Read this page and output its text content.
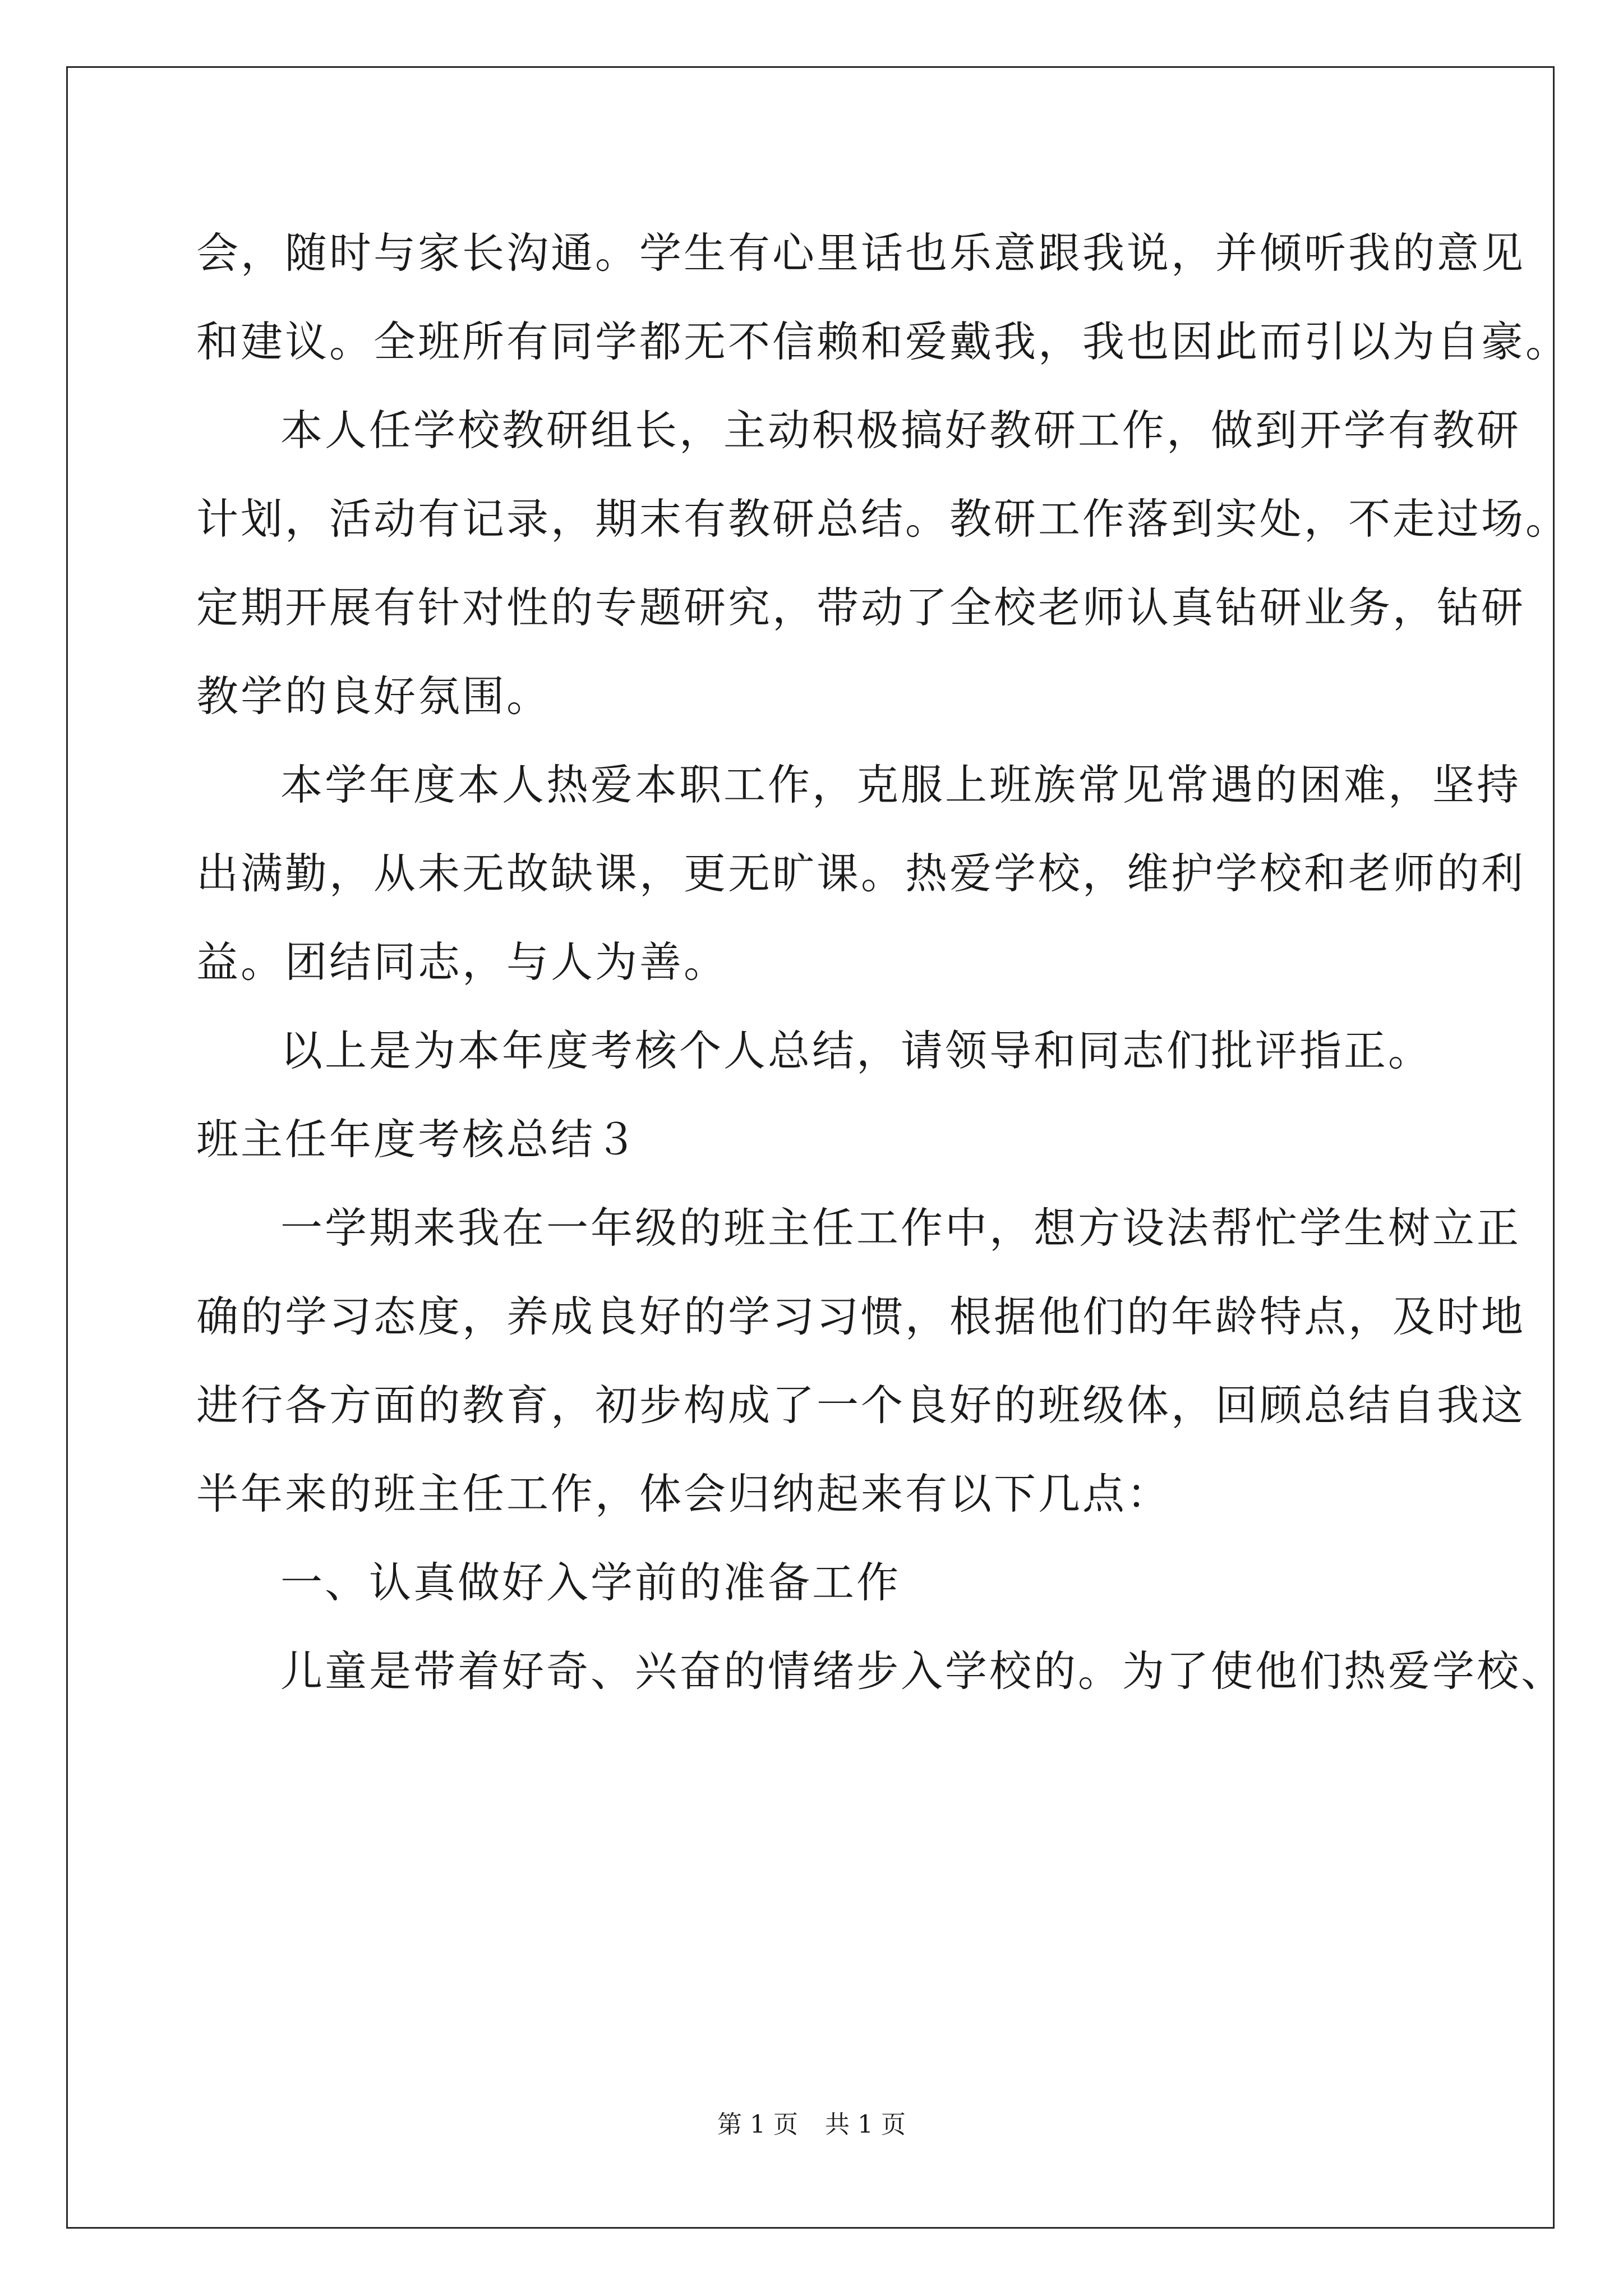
会，随时与家长沟通。学生有心里话也乐意跟我说，并倾听我的意见
和建议。全班所有同学都无不信赖和爱戴我，我也因此而引以为自豪。
本人任学校教研组长，主动积极搞好教研工作，做到开学有教研
计划，活动有记录，期末有教研总结。教研工作落到实处，不走过场。
定期开展有针对性的专题研究，带动了全校老师认真钻研业务，钻研
教学的良好氛围。
本学年度本人热爱本职工作，克服上班族常见常遇的困难，坚持
出满勤，从未无故缺课，更无旷课。热爱学校，维护学校和老师的利
益。团结同志，与人为善。
以上是为本年度考核个人总结，请领导和同志们批评指正。
班主任年度考核总结３
一学期来我在一年级的班主任工作中，想方设法帮忙学生树立正
确的学习态度，养成良好的学习习惯，根据他们的年龄特点，及时地
进行各方面的教育，初步构成了一个良好的班级体，回顾总结自我这
半年来的班主任工作，体会归纳起来有以下几点：
一、认真做好入学前的准备工作
儿童是带着好奇、兴奋的情绪步入学校的。为了使他们热爱学校、
第 1 页 共 1 页
